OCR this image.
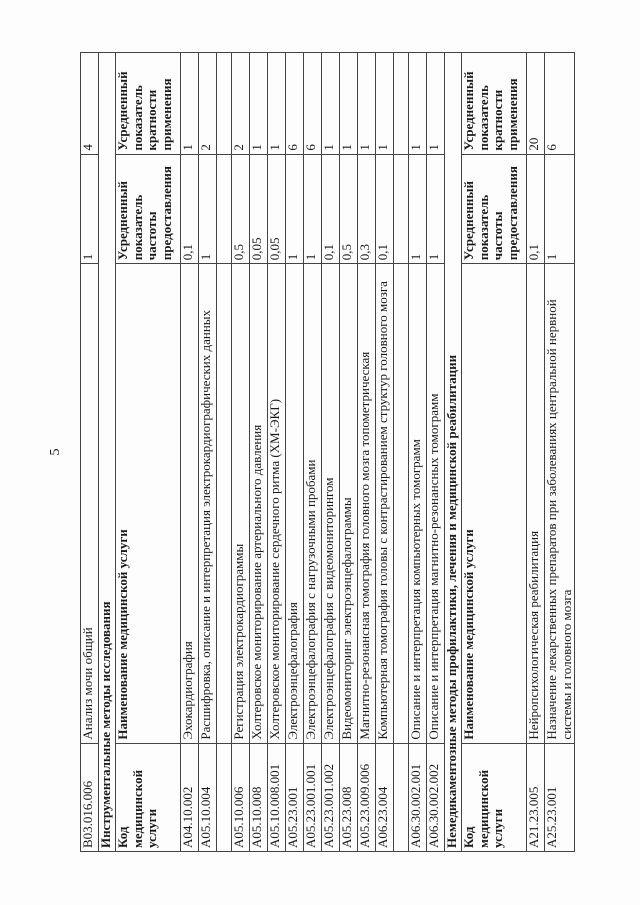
5
B03.016.006	Анализ мочи общий	1	4
Инструментальные методы исследования			
Код медицинской услуги	Наименование медицинской услуги	Усредненный показатель частоты предоставления	Усредненный показатель кратности применения
A04.10.002	Эхокардиография	0,1	1
A05.10.004	Расшифровка, описание и интерпретация электрокардиографических данных	1	2

A05.10.006	Регистрация электрокардиограммы	0,5	2
A05.10.008	Холтеровское мониторирование артериального давления	0,05	1
A05.10.008.001	Холтеровское мониторирование сердечного ритма (ХМ-ЭКГ)	0,05	1
A05.23.001	Электроэнцефалография	1	6
A05.23.001.001	Электроэнцефалография с нагрузочными пробами	1	6
A05.23.001.002	Электроэнцефалография с видеомониторингом	0,1	1
A05.23.008	Видеомониторинг электроэнцефалограммы	0,5	1
A05.23.009.006	Магнитно-резонансная томография головного мозга топометрическая	0,3	1
A06.23.004	Компьютерная томография головы с контрастированием структур головного мозга	0,1	1

A06.30.002.001	Описание и интерпретация компьютерных томограмм	1	1
A06.30.002.002	Описание и интерпретация магнитно-резонансных томограмм	1	1
Немедикаментозные методы профилактики, лечения и медицинской реабилитации			
Код медицинской услуги	Наименование медицинской услуги	Усредненный показатель частоты предоставления	Усредненный показатель кратности применения
A21.23.005	Нейропсихологическая реабилитация	0,1	20
A25.23.001	Назначение лекарственных препаратов при заболеваниях центральной нервной системы и головного мозга	1	6
